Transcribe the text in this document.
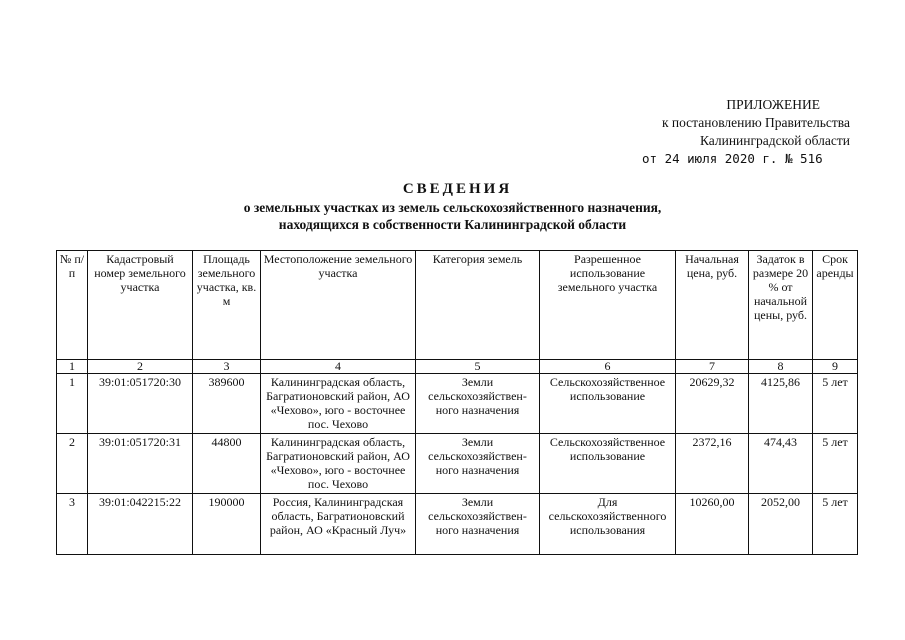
ПРИЛОЖЕНИЕ
к постановлению Правительства
Калининградской области
от 24 июля 2020 г. № 516
СВЕДЕНИЯ
о земельных участках из земель сельскохозяйственного назначения,
находящихся в собственности Калининградской области
№ п/п	Кадастровый номер земельного участка	Площадь земельного участка, кв. м	Местоположение земельного участка	Категория земель	Разрешенное использование земельного участка	Начальная цена, руб.	Задаток в размере 20 % от начальной цены, руб.	Срок аренды
1	2	3	4	5	6	7	8	9
1	39:01:051720:30	389600	Калининградская область, Багратионовский район, АО «Чехово», юго - восточнее пос. Чехово	Земли сельскохозяйствен- ного назначения	Сельскохозяйственное использование	20629,32	4125,86	5 лет
2	39:01:051720:31	44800	Калининградская область, Багратионовский район, АО «Чехово», юго - восточнее пос. Чехово	Земли сельскохозяйствен- ного назначения	Сельскохозяйственное использование	2372,16	474,43	5 лет
3	39:01:042215:22	190000	Россия, Калининградская область, Багратионовский район, АО «Красный Луч»	Земли сельскохозяйствен- ного назначения	Для сельскохозяйственного использования	10260,00	2052,00	5 лет
